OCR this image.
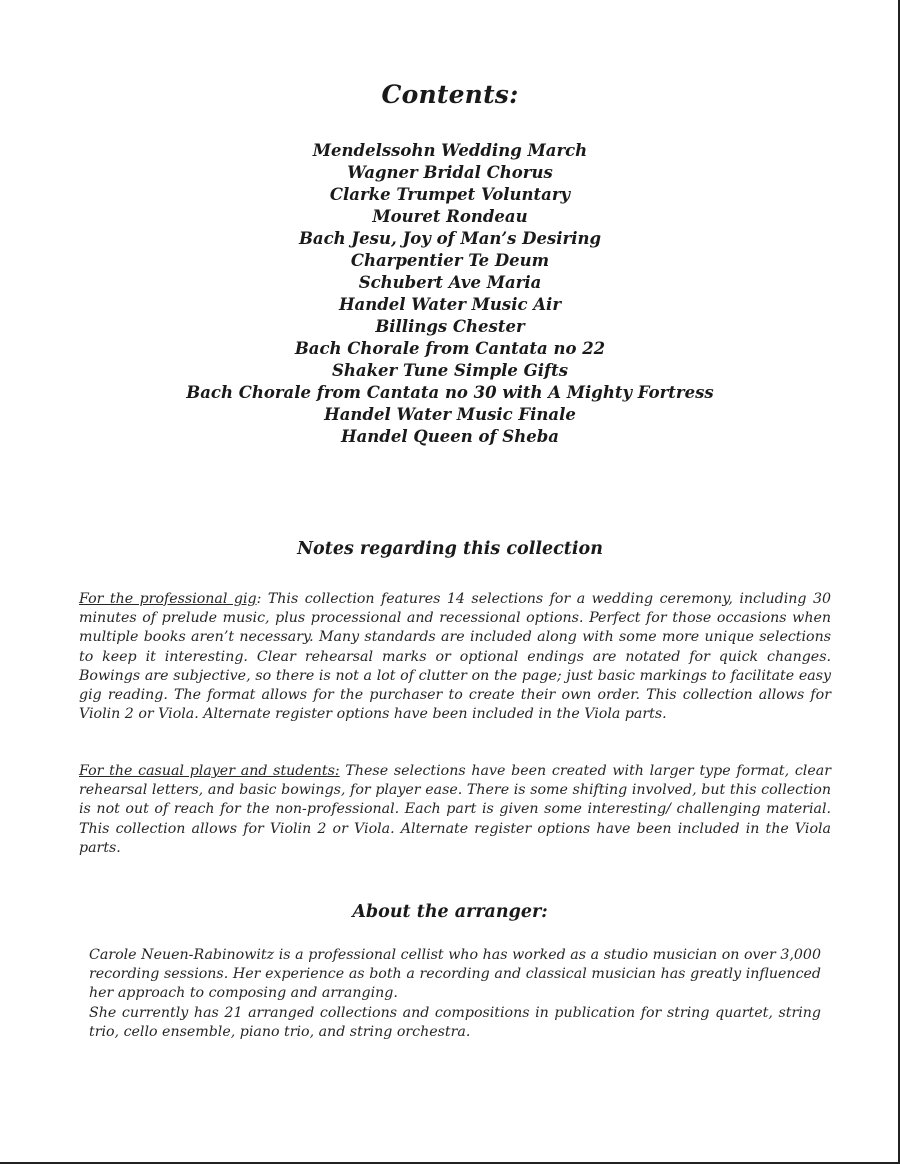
Contents:
Mendelssohn Wedding March
Wagner Bridal Chorus
Clarke Trumpet Voluntary
Mouret Rondeau
Bach Jesu, Joy of Man’s Desiring
Charpentier Te Deum
Schubert Ave Maria
Handel Water Music Air
Billings Chester
Bach Chorale from Cantata no 22
Shaker Tune Simple Gifts
Bach Chorale from Cantata no 30 with A Mighty Fortress
Handel Water Music Finale
Handel Queen of Sheba
Notes regarding this collection
For the professional gig: This collection features 14 selections for a wedding ceremony, including 30 minutes of prelude music, plus processional and recessional options. Perfect for those occasions when multiple books aren’t necessary. Many standards are included along with some more unique selections to keep it interesting. Clear rehearsal marks or optional endings are notated for quick changes. Bowings are subjective, so there is not a lot of clutter on the page; just basic markings to facilitate easy gig reading. The format allows for the purchaser to create their own order. This collection allows for Violin 2 or Viola. Alternate register options have been included in the Viola parts.
For the casual player and students: These selections have been created with larger type format, clear rehearsal letters, and basic bowings, for player ease. There is some shifting involved, but this collection is not out of reach for the non-professional. Each part is given some interesting/ challenging material. This collection allows for Violin 2 or Viola. Alternate register options have been included in the Viola parts.
About the arranger:

Carole Neuen-Rabinowitz is a professional cellist who has worked as a studio musician on over 3,000 recording sessions. Her experience as both a recording and classical musician has greatly influenced her approach to composing and arranging.

She currently has 21 arranged collections and compositions in publication for string quartet, string trio, cello ensemble, piano trio, and string orchestra.
